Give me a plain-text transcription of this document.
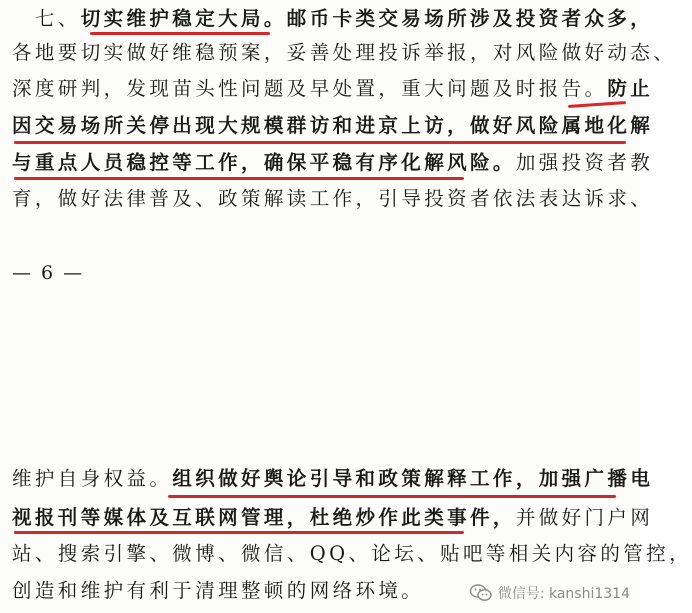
　七、切实维护稳定大局。邮币卡类交易场所涉及投资者众多，
各地要切实做好维稳预案，妥善处理投诉举报，对风险做好动态、
深度研判，发现苗头性问题及早处置，重大问题及时报告。防止
因交易场所关停出现大规模群访和进京上访，做好风险属地化解
与重点人员稳控等工作，确保平稳有序化解风险。加强投资者教
育，做好法律普及、政策解读工作，引导投资者依法表达诉求、
— 6 —
维护自身权益。组织做好舆论引导和政策解释工作，加强广播电
视报刊等媒体及互联网管理，杜绝炒作此类事件，并做好门户网
站、搜索引擎、微博、微信、QQ、论坛、贴吧等相关内容的管控，
创造和维护有利于清理整顿的网络环境。	微信号: kanshi1314
